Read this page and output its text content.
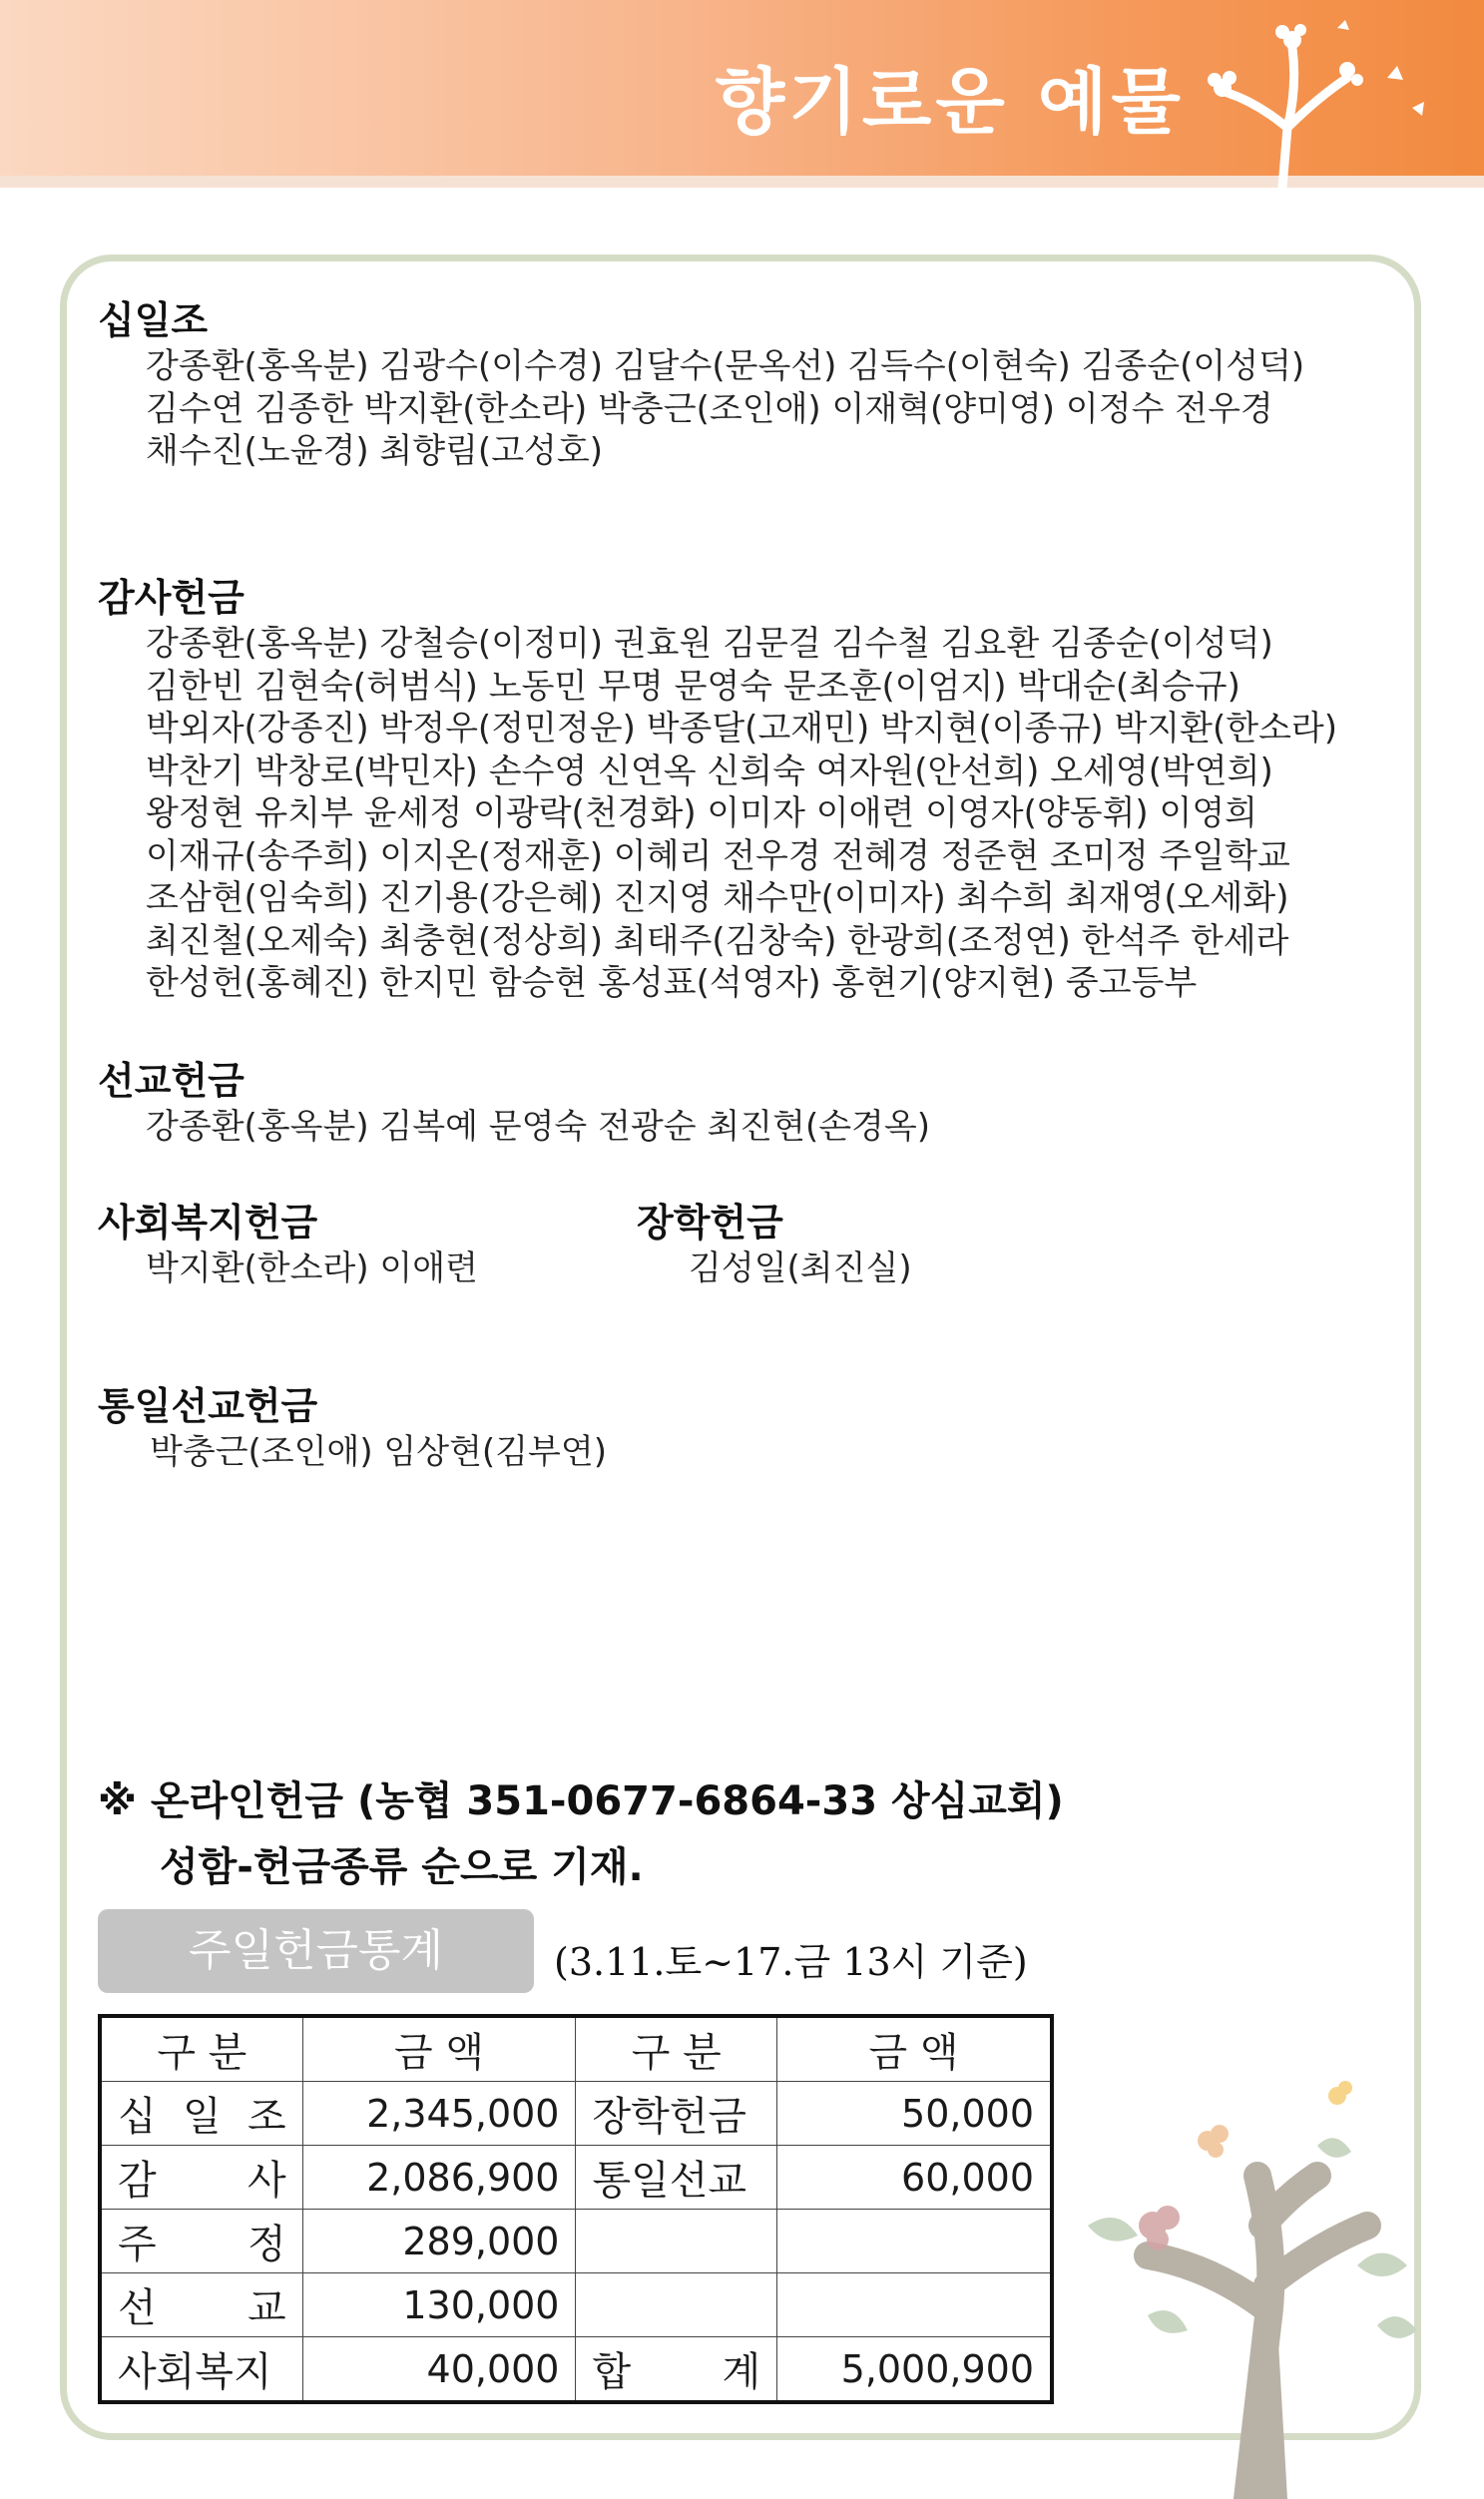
향기로운 예물
십일조
강종환(홍옥분) 김광수(이수경) 김달수(문옥선) 김득수(이현숙) 김종순(이성덕)
김수연 김종한 박지환(한소라) 박충근(조인애) 이재혁(양미영) 이정수 전우경
채수진(노윤경) 최향림(고성호)
감사헌금
강종환(홍옥분) 강철승(이정미) 권효원 김문걸 김수철 김요환 김종순(이성덕)
김한빈 김현숙(허범식) 노동민 무명 문영숙 문조훈(이엄지) 박대순(최승규)
박외자(강종진) 박정우(정민정운) 박종달(고재민) 박지현(이종규) 박지환(한소라)
박찬기 박창로(박민자) 손수영 신연옥 신희숙 여자원(안선희) 오세영(박연희)
왕정현 유치부 윤세정 이광락(천경화) 이미자 이애련 이영자(양동휘) 이영희
이재규(송주희) 이지온(정재훈) 이혜리 전우경 전혜경 정준현 조미정 주일학교
조삼현(임숙희) 진기용(강은혜) 진지영 채수만(이미자) 최수희 최재영(오세화)
최진철(오제숙) 최충현(정상희) 최태주(김창숙) 한광희(조정연) 한석주 한세라
한성헌(홍혜진) 한지민 함승현 홍성표(석영자) 홍현기(양지현) 중고등부
선교헌금
강종환(홍옥분) 김복예 문영숙 전광순 최진현(손경옥)
사회복지헌금
박지환(한소라) 이애련
장학헌금
김성일(최진실)
통일선교헌금
박충근(조인애) 임상현(김부연)
※ 온라인헌금 (농협 351-0677-6864-33 상심교회)
성함-헌금종류 순으로 기재.
주일헌금통계	(3.11.토~17.금 13시 기준)
구 분	금 액	구 분	금 액
십 일 조	2,345,000	장학헌금	50,000
감 사	2,086,900	통일선교	60,000
주 정	289,000		
선 교	130,000		
사회복지	40,000	합 계	5,000,900
